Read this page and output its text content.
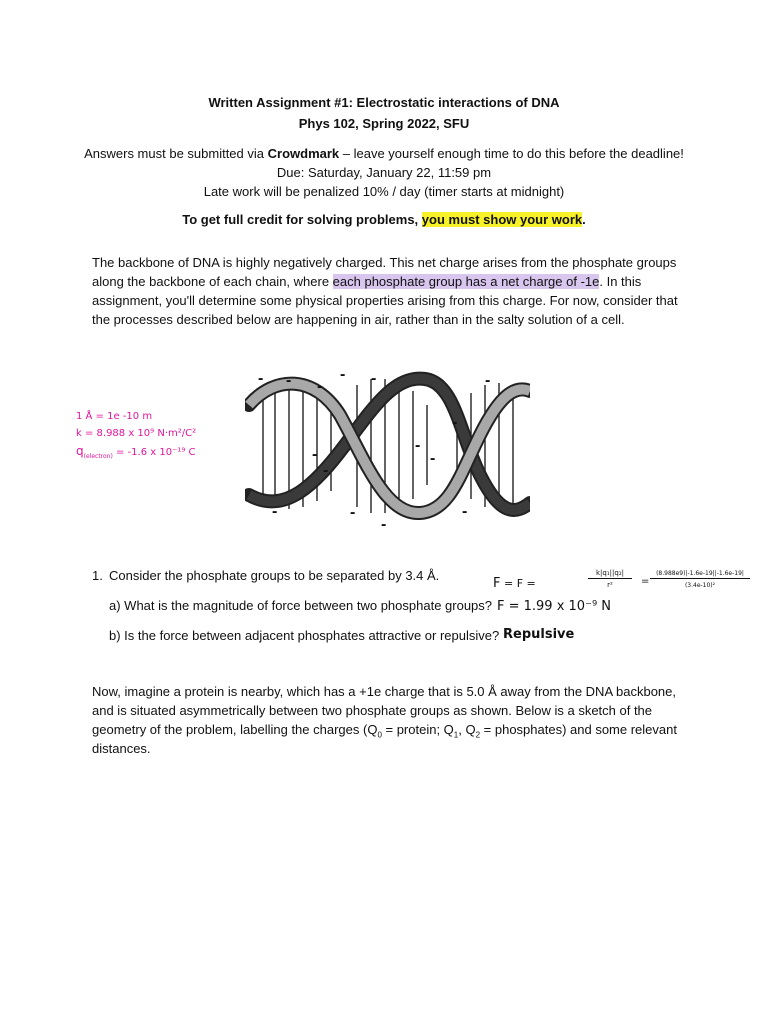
Written Assignment #1: Electrostatic interactions of DNA
Phys 102, Spring 2022, SFU
Answers must be submitted via Crowdmark – leave yourself enough time to do this before the deadline!
Due: Saturday, January 22, 11:59 pm
Late work will be penalized 10% / day (timer starts at midnight)
To get full credit for solving problems, you must show your work.
The backbone of DNA is highly negatively charged. This net charge arises from the phosphate groups
along the backbone of each chain, where each phosphate group has a net charge of -1e. In this
assignment, you'll determine some physical properties arising from this charge. For now, consider that
the processes described below are happening in air, rather than in the salty solution of a cell.
1 Å = 1e -10 m
k = 8.988 x 10⁹ N·m²/C²
$q_{(electron)} = -1.6$ x 10⁻¹⁹ C
- - -
- -	-
-
-
-
-
-
-	-
-
-
1. Consider the phosphate groups to be separated by 3.4 Å.
a) What is the magnitude of force between two phosphate groups?
b) Is the force between adjacent phosphates attractive or repulsive?
F = F =
k|q₁||q₂|
r²	=
(8.988e9)|-1.6e-19||-1.6e-19|
(3.4e-10)²
F = 1.99 x 10⁻⁹ N
Repulsive
Now, imagine a protein is nearby, which has a +1e charge that is 5.0 Å away from the DNA backbone,
and is situated asymmetrically between two phosphate groups as shown. Below is a sketch of the
geometry of the problem, labelling the charges ($Q_0$ = protein; $Q_1$, $Q_2$ = phosphates) and some relevant
distances.
